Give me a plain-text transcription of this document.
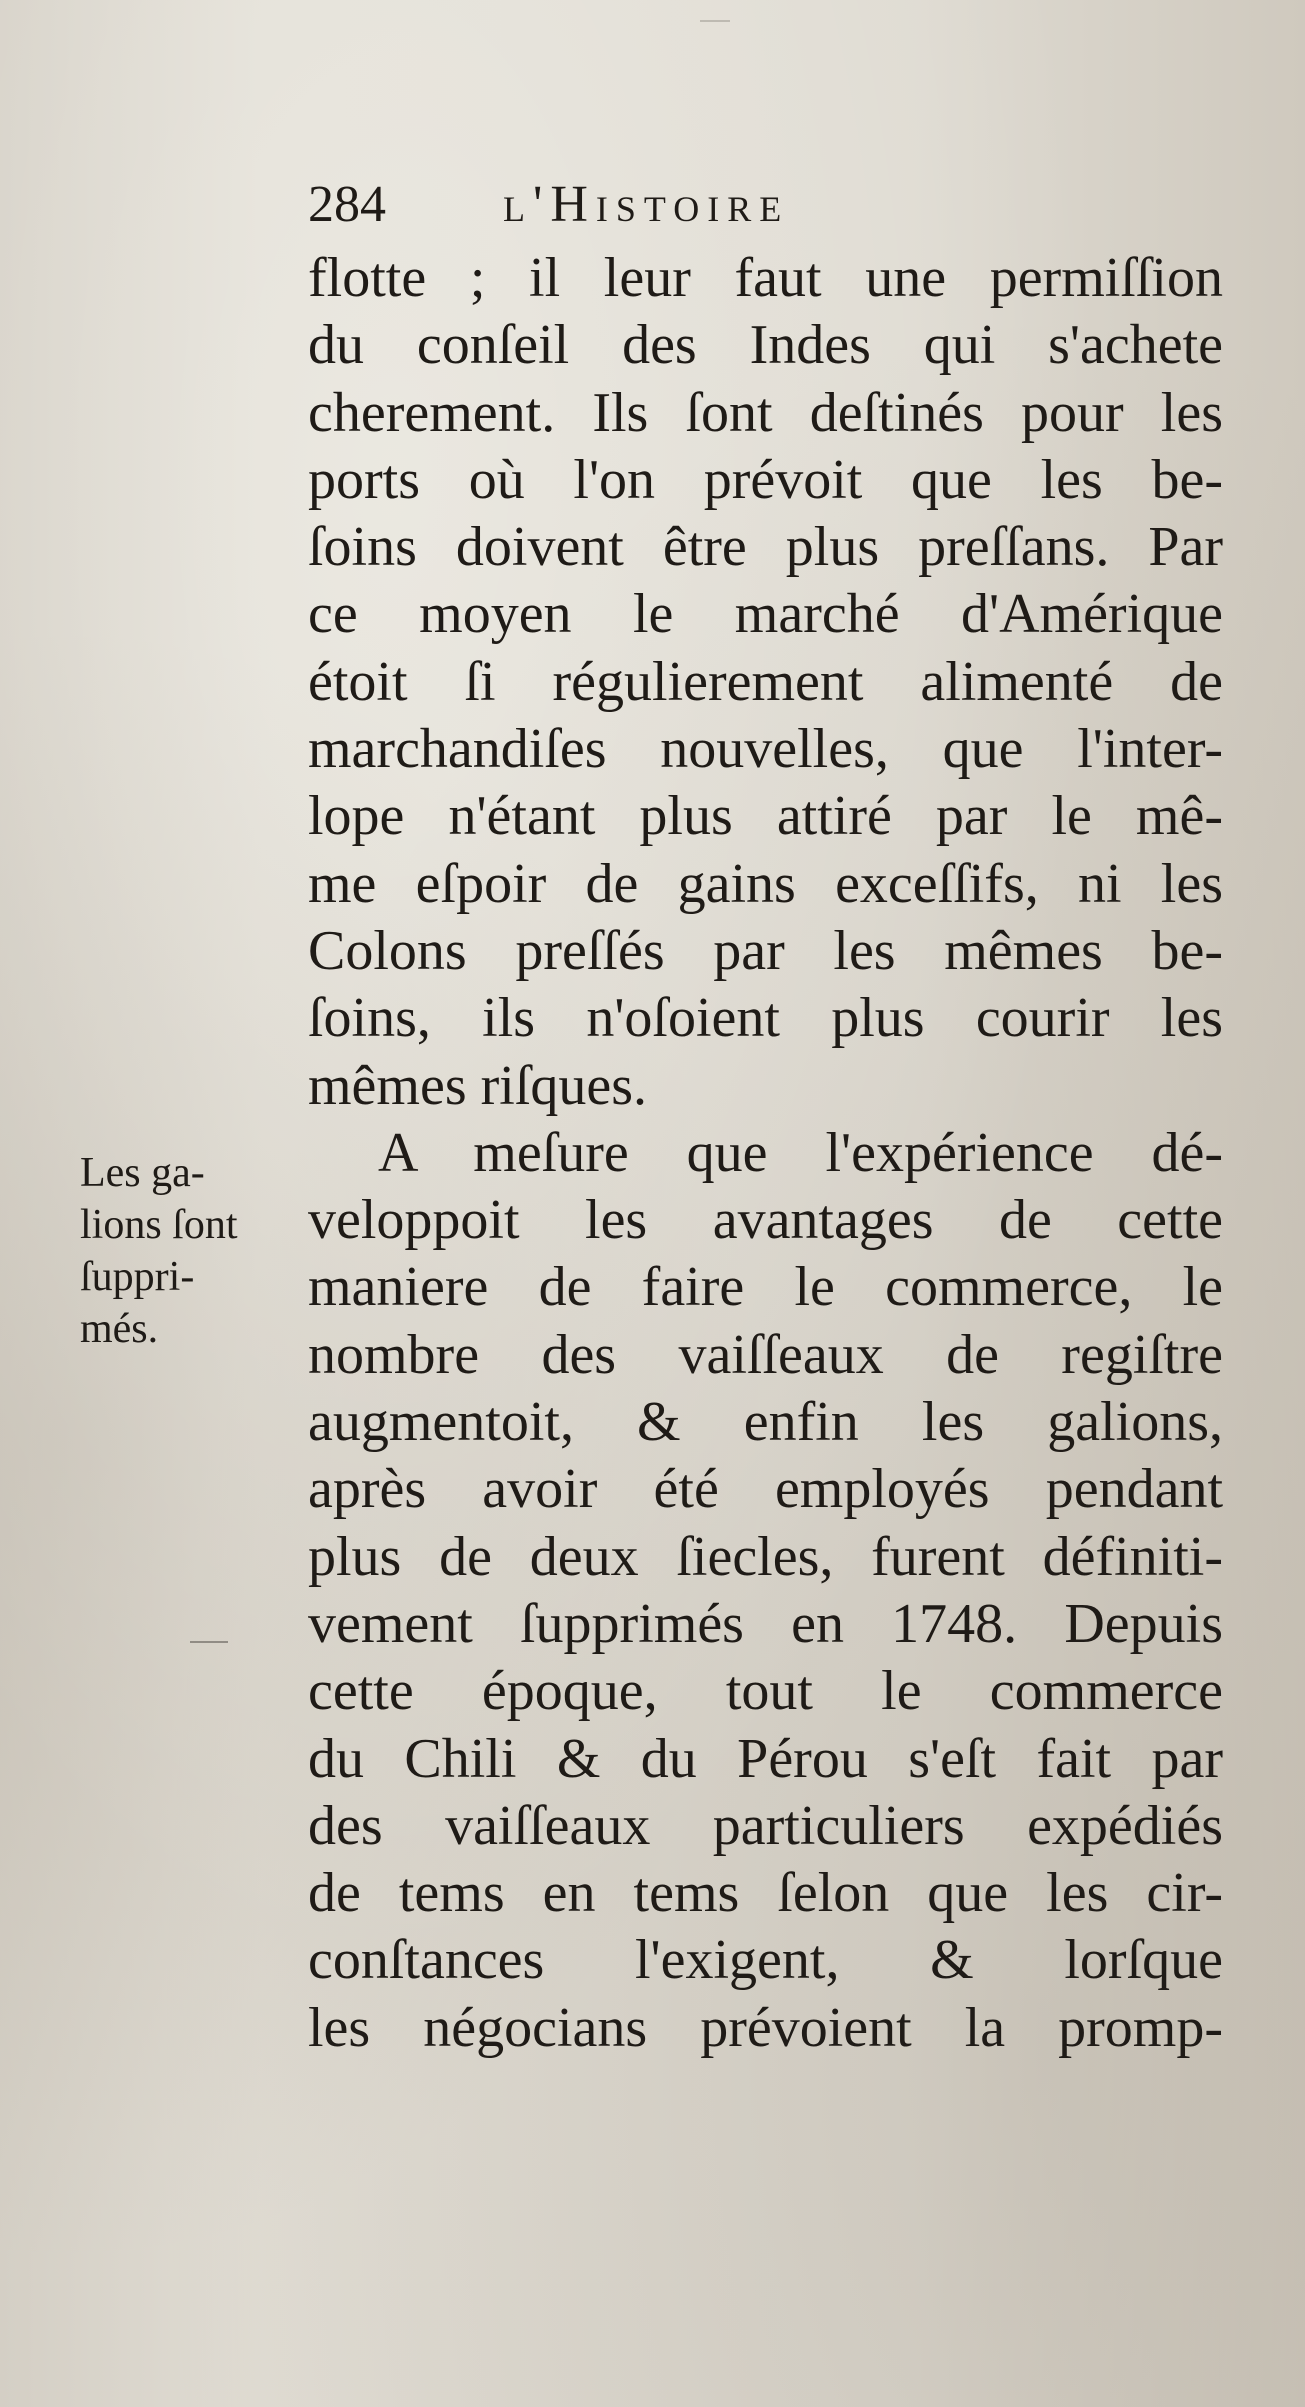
284 l'Histoire
Les ga-
lions ſont
ſuppri-
més.
flotte ; il leur faut une permiſſion
du conſeil des Indes qui s'achete
cherement. Ils ſont deſtinés pour les
ports où l'on prévoit que les be-
ſoins doivent être plus preſſans. Par
ce moyen le marché d'Amérique
étoit ſi régulierement alimenté de
marchandiſes nouvelles, que l'inter-
lope n'étant plus attiré par le mê-
me eſpoir de gains exceſſifs, ni les
Colons preſſés par les mêmes be-
ſoins, ils n'oſoient plus courir les
mêmes riſques.
A meſure que l'expérience dé-
veloppoit les avantages de cette
maniere de faire le commerce, le
nombre des vaiſſeaux de regiſtre
augmentoit, & enfin les galions,
après avoir été employés pendant
plus de deux ſiecles, furent définiti-
vement ſupprimés en 1748. Depuis
cette époque, tout le commerce
du Chili & du Pérou s'eſt fait par
des vaiſſeaux particuliers expédiés
de tems en tems ſelon que les cir-
conſtances l'exigent, & lorſque
les négocians prévoient la promp-
